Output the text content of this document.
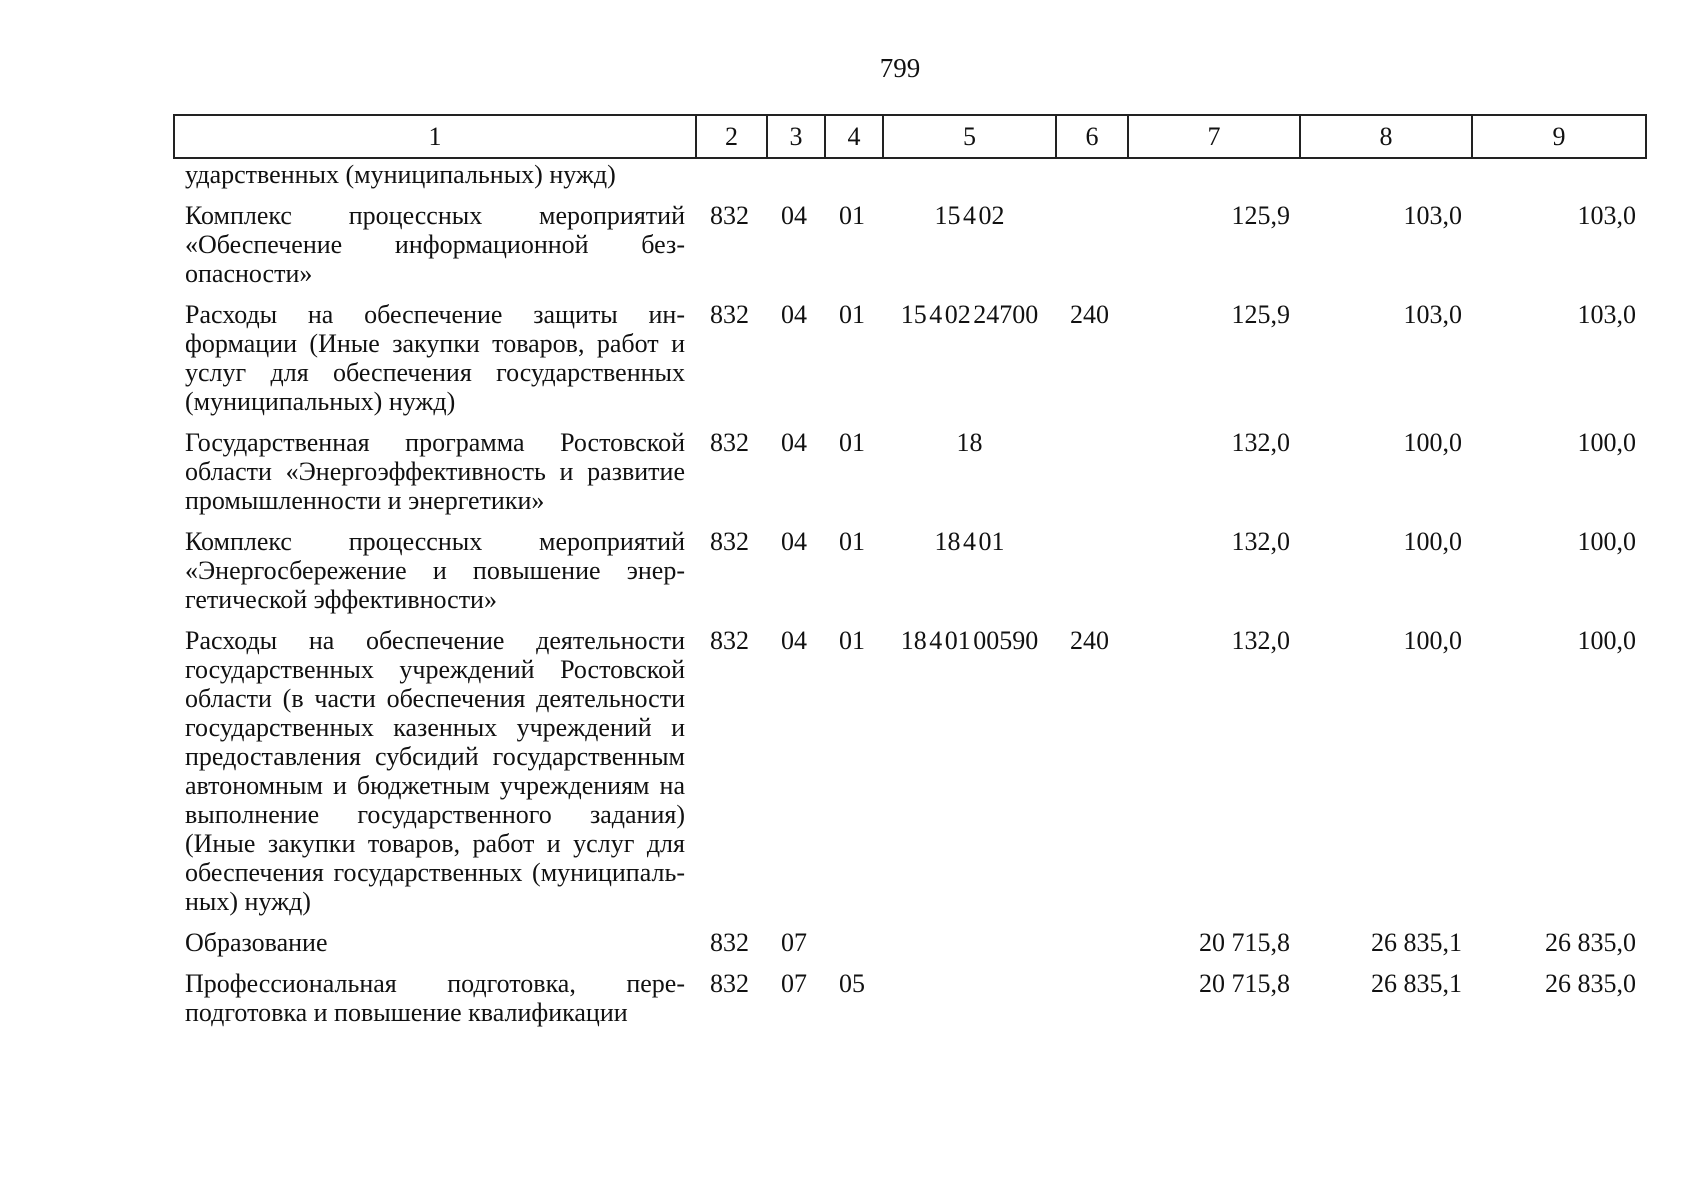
799
1	2	3	4	5	6	7	8	9
ударственных (муниципальных) нужд)								
Комплекс процессных мероприятий «Обеспечение информационной безопасности»	832	04	01	15 4 02		125,9	103,0	103,0
Расходы на обеспечение защиты информации (Иные закупки товаров, работ и услуг для обеспечения государственных (муниципальных) нужд)	832	04	01	15 4 02 24700	240	125,9	103,0	103,0
Государственная программа Ростовской области «Энергоэффективность и развитие промышленности и энергетики»	832	04	01	18		132,0	100,0	100,0
Комплекс процессных мероприятий «Энергосбережение и повышение энергетической эффективности»	832	04	01	18 4 01		132,0	100,0	100,0
Расходы на обеспечение деятельности государственных учреждений Ростовской области (в части обеспечения деятельности государственных казенных учреждений и предоставления субсидий государственным автономным и бюджетным учреждениям на выполнение государственного задания) (Иные закупки товаров, работ и услуг для обеспечения государственных (муниципальных) нужд)	832	04	01	18 4 01 00590	240	132,0	100,0	100,0
Образование	832	07				20 715,8	26 835,1	26 835,0
Профессиональная подготовка, переподготовка и повышение квалификации	832	07	05			20 715,8	26 835,1	26 835,0
